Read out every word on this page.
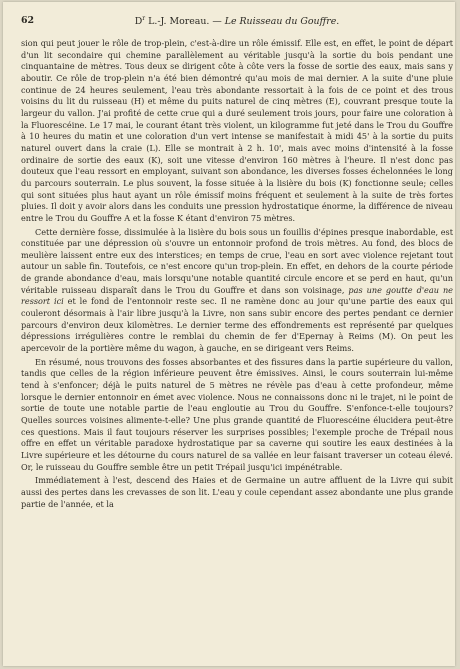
62	$D^r$ L.-J. Moreau. — Le Ruisseau du Gouffre.

sion qui peut jouer le rôle de trop-plein, c'est-à-dire un rôle émissif. Elle est, en effet, le point de départ d'un lit secondaire qui chemine parallèlement au véritable jusqu'à la sortie du bois pendant une cinquantaine de mètres. Tous deux se dirigent côte à côte vers la fosse de sortie des eaux, mais sans y aboutir. Ce rôle de trop-plein n'a été bien démontré qu'au mois de mai dernier. A la suite d'une pluie continue de 24 heures seulement, l'eau très abondante ressortait à la fois de ce point et des trous voisins du lit du ruisseau (H) et même du puits naturel de cinq mètres (E), couvrant presque toute la largeur du vallon. J'ai profité de cette crue qui a duré seulement trois jours, pour faire une coloration à la Fluorescéine. Le 17 mai, le courant étant très violent, un kilogramme fut jeté dans le Trou du Gouffre à 10 heures du matin et une coloration d'un vert intense se manifestait à midi 45' à la sortie du puits naturel ouvert dans la craie (L). Elle se montrait à 2 h. 10', mais avec moins d'intensité à la fosse ordinaire de sortie des eaux (K), soit une vitesse d'environ 160 mètres à l'heure. Il n'est donc pas douteux que l'eau ressort en employant, suivant son abondance, les diverses fosses échelonnées le long du parcours souterrain. Le plus souvent, la fosse située à la lisière du bois (K) fonctionne seule; celles qui sont situées plus haut ayant un rôle émissif moins fréquent et seulement à la suite de très fortes pluies. Il doit y avoir alors dans les conduits une pression hydrostatique énorme, la différence de niveau entre le Trou du Gouffre A et la fosse K étant d'environ 75 mètres.

Cette dernière fosse, dissimulée à la lisière du bois sous un fouillis d'épines presque inabordable, est constituée par une dépression où s'ouvre un entonnoir profond de trois mètres. Au fond, des blocs de meulière laissent entre eux des interstices; en temps de crue, l'eau en sort avec violence rejetant tout autour un sable fin. Toutefois, ce n'est encore qu'un trop-plein. En effet, en dehors de la courte période de grande abondance d'eau, mais lorsqu'une notable quantité circule encore et se perd en haut, qu'un véritable ruisseau disparaît dans le Trou du Gouffre et dans son voisinage, pas une goutte d'eau ne ressort ici et le fond de l'entonnoir reste sec. Il ne ramène donc au jour qu'une partie des eaux qui couleront désormais à l'air libre jusqu'à la Livre, non sans subir encore des pertes pendant ce dernier parcours d'environ deux kilomètres. Le dernier terme des effondrements est représenté par quelques dépressions irrégulières contre le remblai du chemin de fer d'Epernay à Reims (M). On peut les apercevoir de la portière même du wagon, à gauche, en se dirigeant vers Reims.

En résumé, nous trouvons des fosses absorbantes et des fissures dans la partie supérieure du vallon, tandis que celles de la région inférieure peuvent être émissives. Ainsi, le cours souterrain lui-même tend à s'enfoncer; déjà le puits naturel de 5 mètres ne révèle pas d'eau à cette profondeur, même lorsque le dernier entonnoir en émet avec violence. Nous ne connaissons donc ni le trajet, ni le point de sortie de toute une notable partie de l'eau engloutie au Trou du Gouffre. S'enfonce-t-elle toujours? Quelles sources voisines alimente-t-elle? Une plus grande quantité de Fluorescéine élucidera peut-être ces questions. Mais il faut toujours réserver les surprises possibles; l'exemple proche de Trépail nous offre en effet un véritable paradoxe hydrostatique par sa caverne qui soutire les eaux destinées à la Livre supérieure et les détourne du cours naturel de sa vallée en leur faisant traverser un coteau élevé. Or, le ruisseau du Gouffre semble être un petit Trépail jusqu'ici impénétrable.

Immédiatement à l'est, descend des Haies et de Germaine un autre affluent de la Livre qui subit aussi des pertes dans les crevasses de son lit. L'eau y coule cependant assez abondante une plus grande partie de l'année, et la
